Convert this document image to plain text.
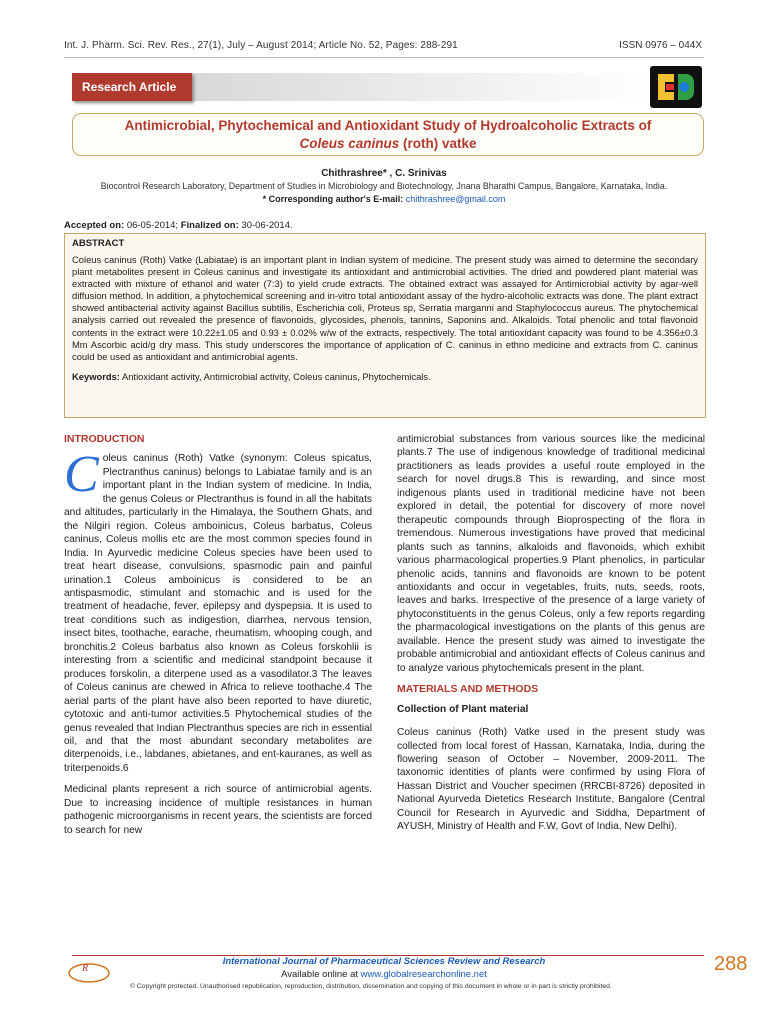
Int. J. Pharm. Sci. Rev. Res., 27(1), July – August 2014; Article No. 52, Pages: 288-291	ISSN 0976 – 044X
Research Article
Antimicrobial, Phytochemical and Antioxidant Study of Hydroalcoholic Extracts of
Coleus caninus (roth) vatke
Chithrashree* , C. Srinivas
Biocontrol Research Laboratory, Department of Studies in Microbiology and Biotechnology, Jnana Bharathi Campus, Bangalore, Karnataka, India.
* Corresponding author's E-mail: chithrashree@gmail.com
Accepted on: 06-05-2014; Finalized on: 30-06-2014.
ABSTRACT
Coleus caninus (Roth) Vatke (Labiatae) is an important plant in Indian system of medicine. The present study was aimed to determine the secondary plant metabolites present in Coleus caninus and investigate its antioxidant and antimicrobial activities. The dried and powdered plant material was extracted with mixture of ethanol and water (7:3) to yield crude extracts. The obtained extract was assayed for Antimicrobial activity by agar-well diffusion method. In addition, a phytochemical screening and in-vitro total antioxidant assay of the hydro-alcoholic extracts was done. The plant extract showed antibacterial activity against Bacillus subtilis, Escherichia coli, Proteus sp, Serratia marganni and Staphylococcus aureus. The phytochemical analysis carried out revealed the presence of flavonoids, glycosides, phenols, tannins, Saponins and. Alkaloids. Total phenolic and total flavonoid contents in the extract were 10.22±1.05 and 0.93 ± 0.02% w/w of the extracts, respectively. The total antioxidant capacity was found to be 4.356±0.3 Mm Ascorbic acid/g dry mass. This study underscores the importance of application of C. caninus in ethno medicine and extracts from C. caninus could be used as antioxidant and antimicrobial agents.
Keywords: Antioxidant activity, Antimicrobial activity, Coleus caninus, Phytochemicals.
INTRODUCTION
Coleus caninus (Roth) Vatke (synonym: Coleus spicatus, Plectranthus caninus) belongs to Labiatae family and is an important plant in the Indian system of medicine. In India, the genus Coleus or Plectranthus is found in all the habitats and altitudes, particularly in the Himalaya, the Southern Ghats, and the Nilgiri region. Coleus amboinicus, Coleus barbatus, Coleus caninus, Coleus mollis etc are the most common species found in India. In Ayurvedic medicine Coleus species have been used to treat heart disease, convulsions, spasmodic pain and painful urination.1 Coleus amboinicus is considered to be an antispasmodic, stimulant and stomachic and is used for the treatment of headache, fever, epilepsy and dyspepsia. It is used to treat conditions such as indigestion, diarrhea, nervous tension, insect bites, toothache, earache, rheumatism, whooping cough, and bronchitis.2 Coleus barbatus also known as Coleus forskohlii is interesting from a scientific and medicinal standpoint because it produces forskolin, a diterpene used as a vasodilator.3 The leaves of Coleus caninus are chewed in Africa to relieve toothache.4 The aerial parts of the plant have also been reported to have diuretic, cytotoxic and anti-tumor activities.5 Phytochemical studies of the genus revealed that Indian Plectranthus species are rich in essential oil, and that the most abundant secondary metabolites are diterpenoids, i.e., labdanes, abietanes, and ent-kauranes, as well as triterpenoids.6
Medicinal plants represent a rich source of antimicrobial agents. Due to increasing incidence of multiple resistances in human pathogenic microorganisms in recent years, the scientists are forced to search for new
antimicrobial substances from various sources like the medicinal plants.7 The use of indigenous knowledge of traditional medicinal practitioners as leads provides a useful route employed in the search for novel drugs.8 This is rewarding, and since most indigenous plants used in traditional medicine have not been explored in detail, the potential for discovery of more novel therapeutic compounds through Bioprospecting of the flora in tremendous. Numerous investigations have proved that medicinal plants such as tannins, alkaloids and flavonoids, which exhibit various pharmacological properties.9 Plant phenolics, in particular phenolic acids, tannins and flavonoids are known to be potent antioxidants and occur in vegetables, fruits, nuts, seeds, roots, leaves and barks. Irrespective of the presence of a large variety of phytoconstituents in the genus Coleus, only a few reports regarding the pharmacological investigations on the plants of this genus are available. Hence the present study was aimed to investigate the probable antimicrobial and antioxidant effects of Coleus caninus and to analyze various phytochemicals present in the plant.
MATERIALS AND METHODS
Collection of Plant material
Coleus caninus (Roth) Vatke used in the present study was collected from local forest of Hassan, Karnataka, India, during the flowering season of October – November, 2009-2011. The taxonomic identities of plants were confirmed by using Flora of Hassan District and Voucher specimen (RRCBI-8726) deposited in National Ayurveda Dietetics Research Institute, Bangalore (Central Council for Research in Ayurvedic and Siddha, Department of AYUSH, Ministry of Health and F.W, Govt of India, New Delhi).
R
International Journal of Pharmaceutical Sciences Review and Research
Available online at www.globalresearchonline.net
© Copyright protected. Unauthorised republication, reproduction, distribution, dissemination and copying of this document in whole or in part is strictly prohibited.
288
